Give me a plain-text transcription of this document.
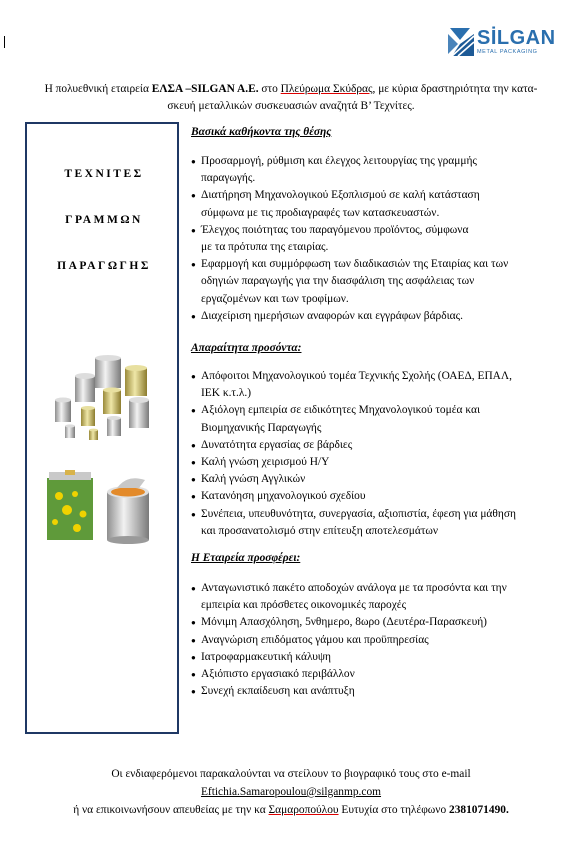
SİLGAN
METAL PACKAGING
Η πολυεθνική εταιρεία ΕΛΣΑ –SILGAN A.E. στο Πλεύρωμα Σκύδρας, με κύρια δραστηριότητα την κατα-
σκευή μεταλλικών συσκευασιών αναζητά Β’ Τεχνίτες.
ΤΕΧΝΙΤΕΣ
ΓΡΑΜΜΩΝ
ΠΑΡΑΓΩΓΗΣ
Βασικά καθήκοντα της θέσης
● Προσαρμογή, ρύθμιση και έλεγχος λειτουργίας της γραμμής
παραγωγής.
● Διατήρηση Μηχανολογικού Εξοπλισμού σε καλή κατάσταση
σύμφωνα με τις προδιαγραφές των κατασκευαστών.
● Έλεγχος ποιότητας του παραγόμενου προϊόντος, σύμφωνα
με τα πρότυπα της εταιρίας.
● Εφαρμογή και συμμόρφωση των διαδικασιών της Εταιρίας και των
οδηγιών παραγωγής για την διασφάλιση της ασφάλειας των
εργαζομένων και των τροφίμων.
● Διαχείριση ημερήσιων αναφορών και εγγράφων βάρδιας.
Απαραίτητα προσόντα:
● Απόφοιτοι Μηχανολογικού τομέα Τεχνικής Σχολής (ΟΑΕΔ, ΕΠΑΛ,
ΙΕΚ κ.τ.λ.)
● Αξιόλογη εμπειρία σε ειδικότητες Μηχανολογικού τομέα και
Βιομηχανικής Παραγωγής
● Δυνατότητα εργασίας σε βάρδιες
● Καλή γνώση χειρισμού Η/Υ
● Καλή γνώση Αγγλικών
● Κατανόηση μηχανολογικού σχεδίου
● Συνέπεια, υπευθυνότητα, συνεργασία, αξιοπιστία, έφεση για μάθηση
και προσανατολισμό στην επίτευξη αποτελεσμάτων
Η Εταιρεία προσφέρει:
● Ανταγωνιστικό πακέτο αποδοχών ανάλογα με τα προσόντα και την
εμπειρία και πρόσθετες οικονομικές παροχές
● Μόνιμη Απασχόληση, 5νθημερο, 8ωρο (Δευτέρα-Παρασκευή)
● Αναγνώριση επιδόματος γάμου και προϋπηρεσίας
● Ιατροφαρμακευτική κάλυψη
● Αξιόπιστο εργασιακό περιβάλλον
● Συνεχή εκπαίδευση και ανάπτυξη
Οι ενδιαφερόμενοι παρακαλούνται να στείλουν το βιογραφικό τους στο e-mail
Eftichia.Samaropoulou@silganmp.com
ή να επικοινωνήσουν απευθείας με την κα Σαμαροπούλου Ευτυχία στο τηλέφωνο 2381071490.
